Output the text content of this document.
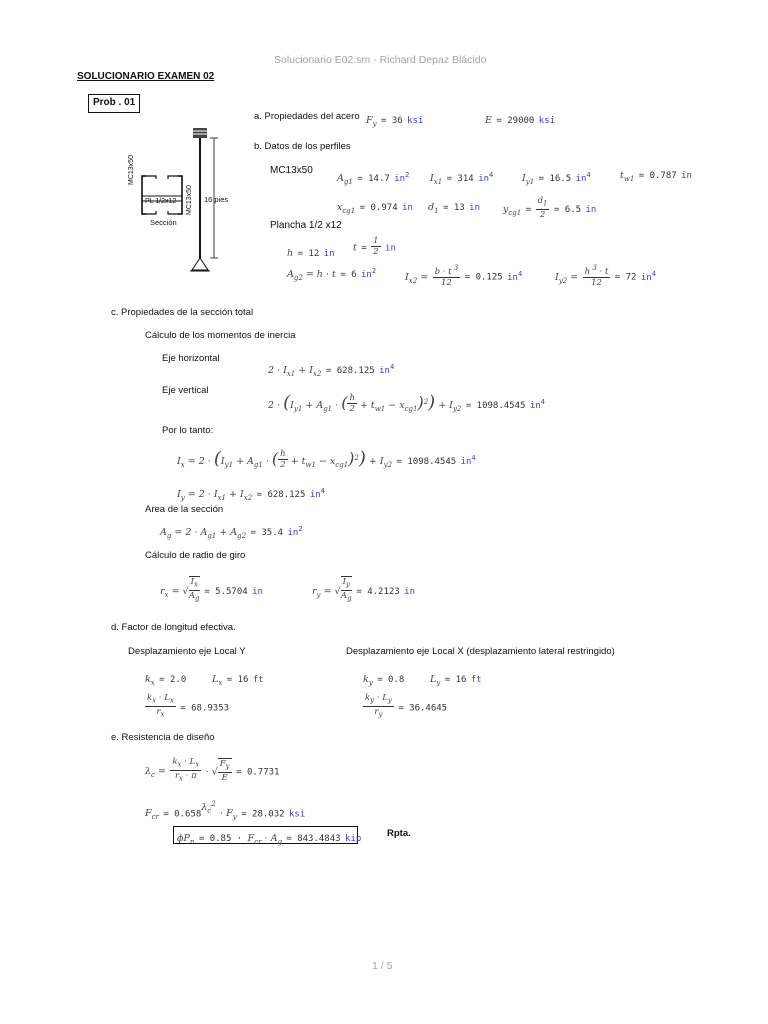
Solucionario E02.sm - Richard Depaz Blácido
SOLUCIONARIO EXAMEN 02
Prob . 01
MC13x50
MC13x50
PL 1/2x12
Sección
16 pies
a. Propiedades del acero $F_y = 36$ ksi	E = 29000 ksi
b. Datos de los perfiles
MC13x50
$A_{g1} = 14.7$ $in^2$ $I_{x1} = 314$ $in^4$	$I_{y1} = 16.5$ $in^4$	$t_{w1} = 0.787$ in
$x_{cg1} = 0.974$ in $d_1 = 13$ in $y_{cg1} = \frac{d_1}{2} = 6.5$ in
Plancha 1/2 x12
h = 12 in
$t = \frac{1}{2}$ in
$A_{g2} = h \cdot t = 6$ $in^2$
$I_{x2} = \frac{b \cdot t ^3}{12} = 0.125$ $in^4$	$I_{y2} = \frac{h ^3 \cdot t}{12} = 72$ $in^4$
c. Propiedades de la sección total
Cálculo de los momentos de inercia
Eje horizontal
$2 \cdot I_{x1} + I_{x2} = 628.125$ $in^4$
Eje vertical
$2 \cdot (I_{y1} + A_{g1}$ · ( $\frac{h}{2} + t_{w1} - x_{cg1})^2) + I_{y2} = 1098.4545$ $in^4$
Por lo tanto:
$I_x = 2 \cdot (I_{y1} + A_{g1}$ · ( $\frac{h}{2} + t_{w1} - x_{cg1})^2) + I_{y2} = 1098.4545$ $in^4$
$I_y = 2 \cdot I_{x1} + I_{x2} = 628.125$ $in^4$
Area de la sección
$A_g = 2 \cdot A_{g1} + A_{g2} = 35.4$ $in^2$
Cálculo de radio de giro
$r_x$ = √ $\frac{I_x}{A_g} = 5.5704$ in	$r_y$ = √ $\frac{I_y}{A_g} = 4.2123$ in
d. Factor de longitud efectiva.
Desplazamiento eje Local Y	Desplazamiento eje Local X (desplazamiento lateral restringido)
$k_x = 2.0$	$L_x = 16$ ft
$\frac{k_x \cdot L_x}{r_x} = 68.9353$
$k_y = 0.8$	$L_y = 16$ ft
$\frac{k_y \cdot L_y}{r_y} = 36.4645$
e. Resistencia de diseño
$\lambda_c = \frac{k_x \cdot L_x}{r_x \cdot \pi}$ · √ $\frac{F_y}{E} = 0.7731$
$F_{cr} = 0.658^{\lambda_c^2} \cdot F_y = 28.032$ ksi
$\phi P_n = 0.85 \cdot F_{cr} \cdot A_g = 843.4843$ kip	Rpta.
1 / 5
